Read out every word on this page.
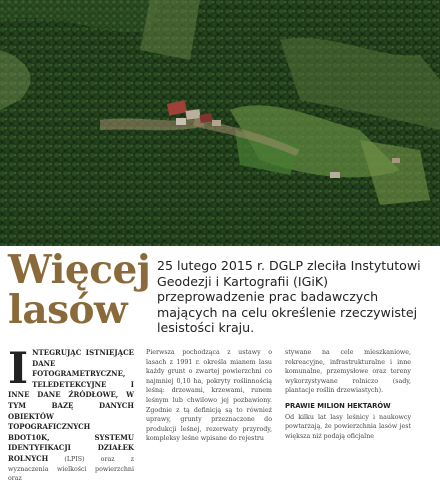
Więcej
lasów

25 lutego 2015 r. DGLP zleciła Instytutowi Geodezji i Kartografii (IGiK) przeprowadzenie prac badawczych mających na celu określenie rzeczywistej lesistości kraju.

I NTEGRUJĄC ISTNIEJĄCE DANE FOTOGRAMETRYCZNE, TELEDETEKCYJNE I INNE DANE ŹRÓDŁOWE, W TYM BAZĘ DANYCH OBIEKTÓW TOPOGRAFICZNYCH BDOT10K, SYSTEMU IDENTYFIKACJI DZIAŁEK ROLNYCH	(LPIS) oraz z wyznaczenia wielkości powierzchni oraz
Pierwsza pochodząca z ustawy o lasach z 1991 r. określa mianem lasu każdy grunt o zwartej powierzchni co najmniej 0,10 ha, pokryty roślinnością leśną: drzewami, krzewami, runem leśnym lub chwilowo jej pozbawiony. Zgodnie z tą definicją są to również uprawy, grunty przeznaczone do produkcji leśnej, rezerwaty przyrody, kompleksy leśne wpisane do rejestru
stywane na cele mieszkaniowe, rekreacyjne, infrastrukturalne i inne komunalne, przemysłowe oraz tereny wykorzystywane rolniczo (sady, plantacje roślin drzewiastych).
PRAWIE MILION HEKTARÓW
Od kilku lat lasy leśnicy i naukowcy powtarzają, że powierzchnia lasów jest większa niż podają oficjalne
